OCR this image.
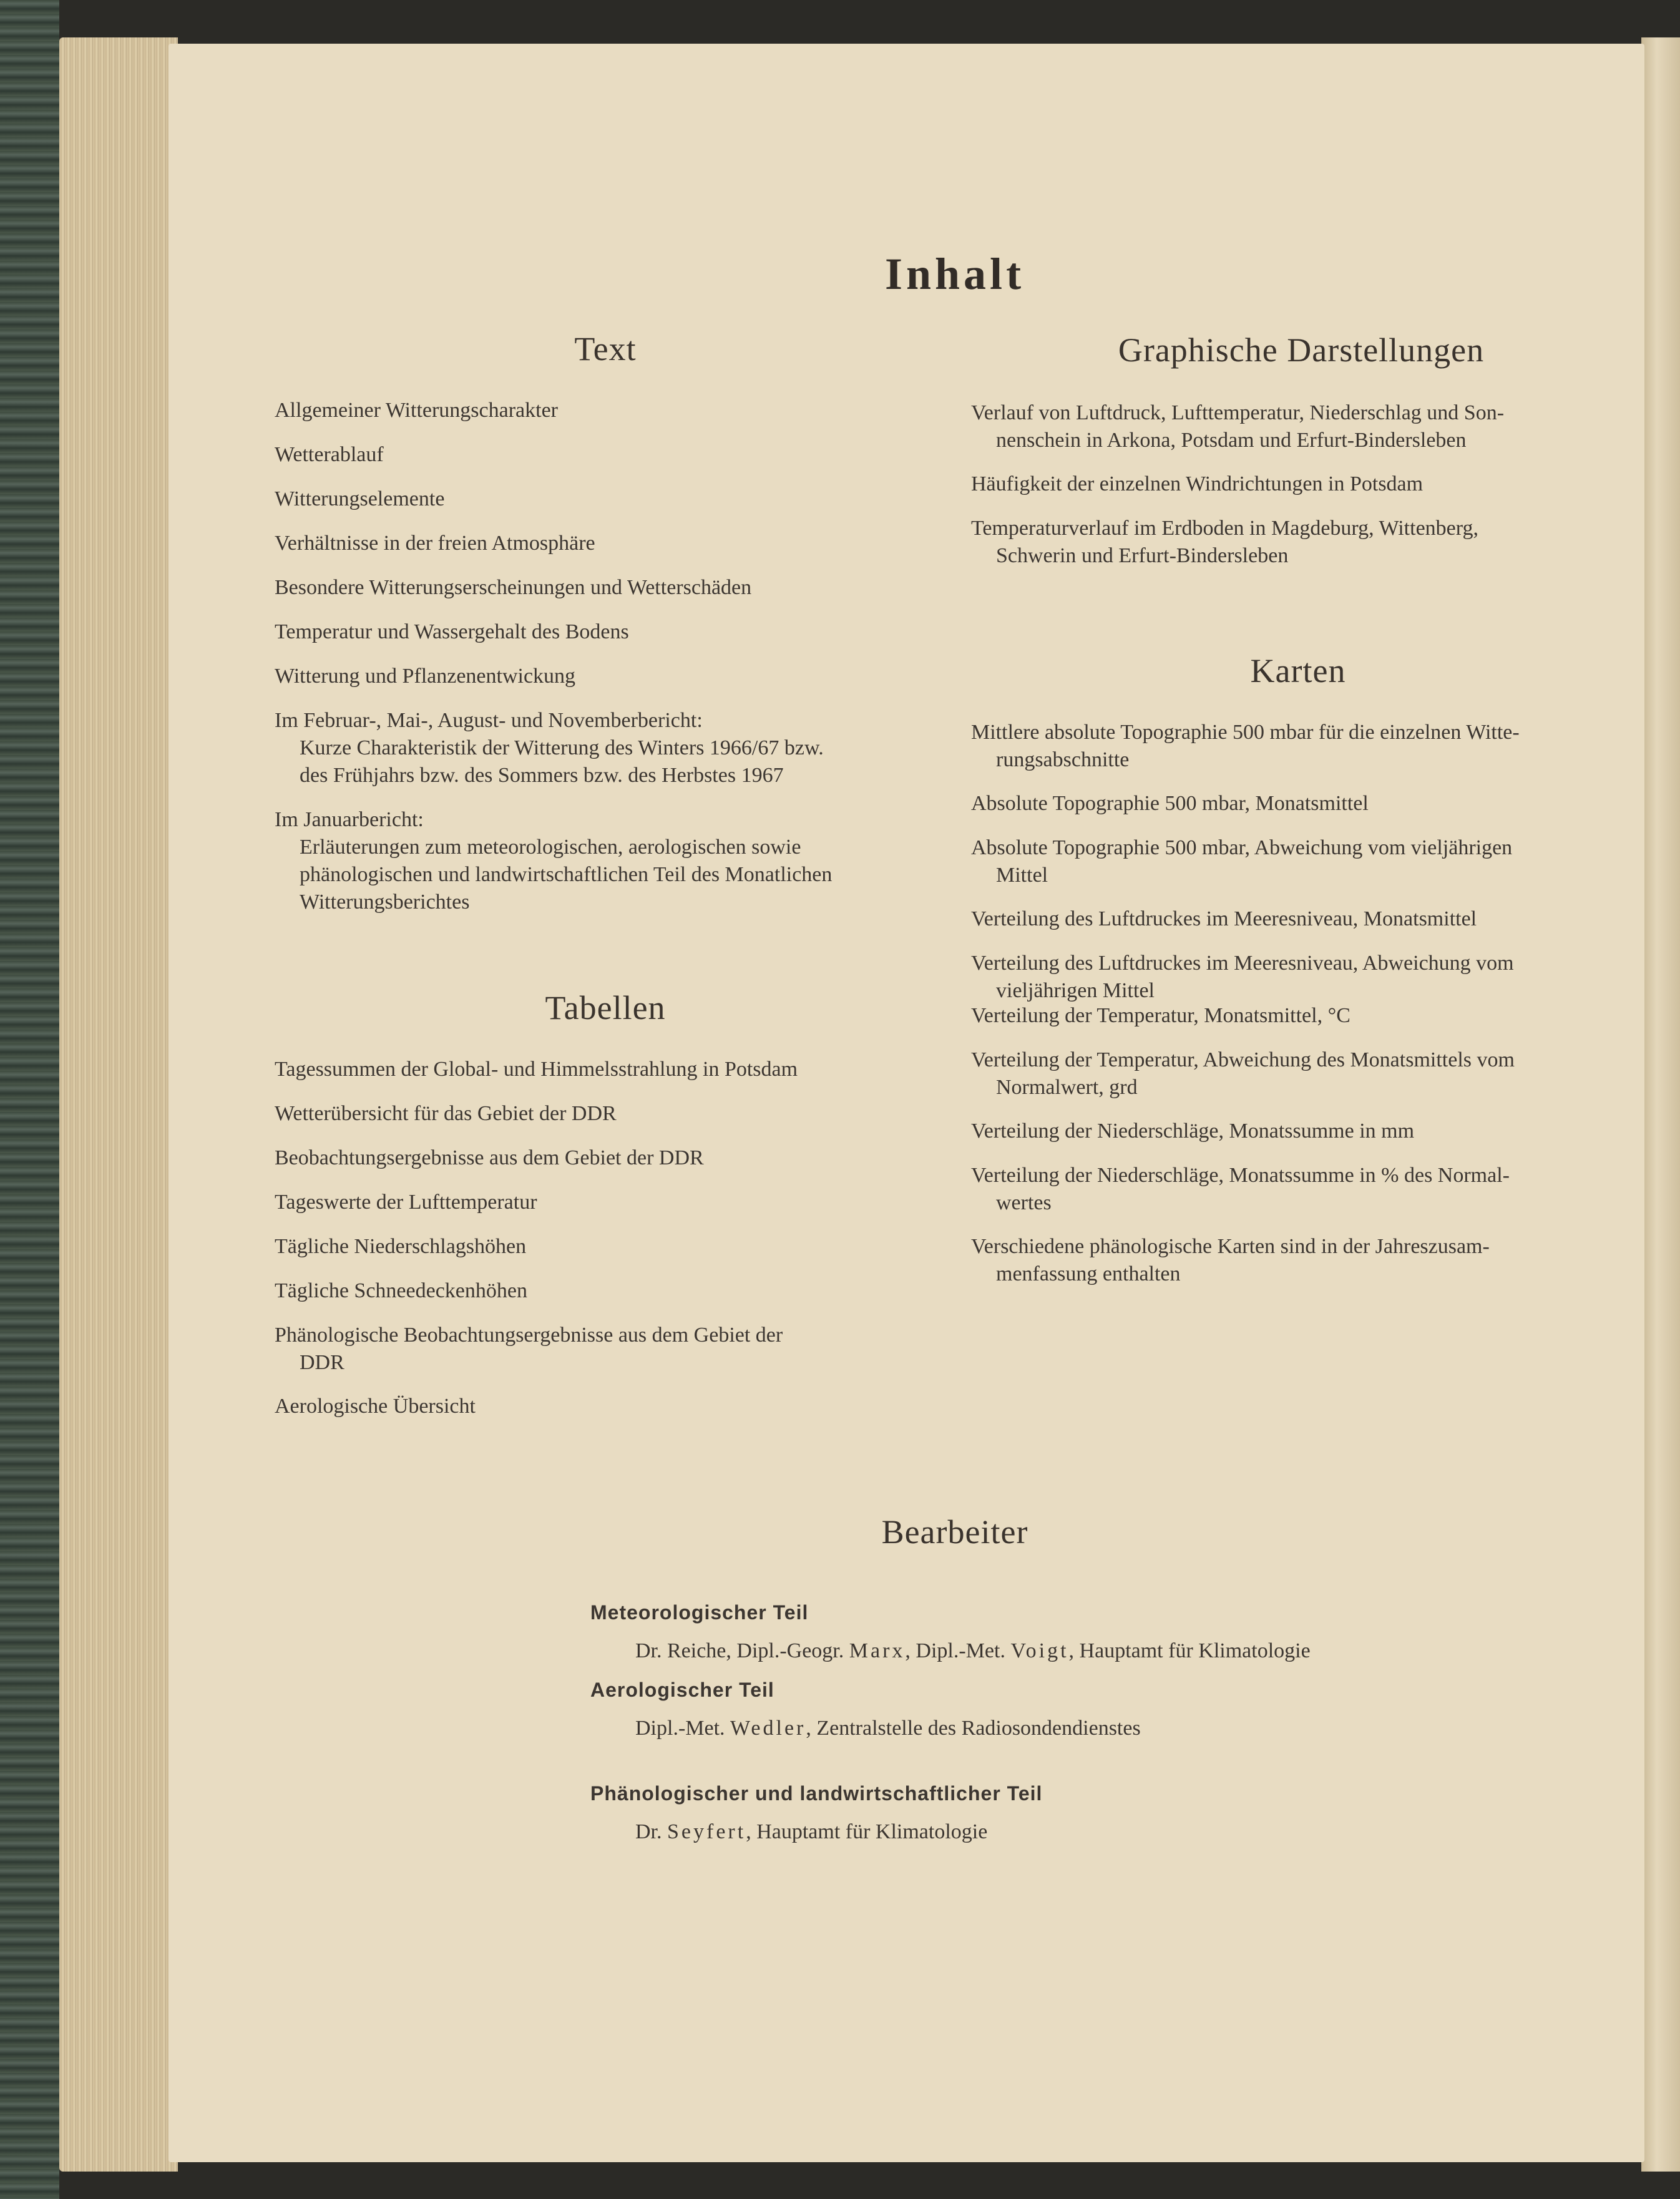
Inhalt
Text
Allgemeiner Witterungscharakter
Wetterablauf
Witterungselemente
Verhältnisse in der freien Atmosphäre
Besondere Witterungserscheinungen und Wetterschäden
Temperatur und Wassergehalt des Bodens
Witterung und Pflanzenentwickung
Im Februar-, Mai-, August- und Novemberbericht:
Kurze Charakteristik der Witterung des Winters 1966/67 bzw.
des Frühjahrs bzw. des Sommers bzw. des Herbstes 1967
Im Januarbericht:
Erläuterungen zum meteorologischen, aerologischen sowie
phänologischen und landwirtschaftlichen Teil des Monatlichen
Witterungsberichtes
Tabellen
Tagessummen der Global- und Himmelsstrahlung in Potsdam
Wetterübersicht für das Gebiet der DDR
Beobachtungsergebnisse aus dem Gebiet der DDR
Tageswerte der Lufttemperatur
Tägliche Niederschlagshöhen
Tägliche Schneedeckenhöhen
Phänologische Beobachtungsergebnisse aus dem Gebiet der
DDR
Aerologische Übersicht
Graphische Darstellungen
Verlauf von Luftdruck, Lufttemperatur, Niederschlag und Son-
nenschein in Arkona, Potsdam und Erfurt-Bindersleben
Häufigkeit der einzelnen Windrichtungen in Potsdam
Temperaturverlauf im Erdboden in Magdeburg, Wittenberg,
Schwerin und Erfurt-Bindersleben
Karten
Mittlere absolute Topographie 500 mbar für die einzelnen Witte-
rungsabschnitte
Absolute Topographie 500 mbar, Monatsmittel
Absolute Topographie 500 mbar, Abweichung vom vieljährigen
Mittel
Verteilung des Luftdruckes im Meeresniveau, Monatsmittel
Verteilung des Luftdruckes im Meeresniveau, Abweichung vom
vieljährigen Mittel
Verteilung der Temperatur, Monatsmittel, °C
Verteilung der Temperatur, Abweichung des Monatsmittels vom
Normalwert, grd
Verteilung der Niederschläge, Monatssumme in mm
Verteilung der Niederschläge, Monatssumme in % des Normal-
wertes
Verschiedene phänologische Karten sind in der Jahreszusam-
menfassung enthalten
Bearbeiter
Meteorologischer Teil
Dr. Reiche, Dipl.-Geogr. Marx, Dipl.-Met. Voigt, Hauptamt für Klimatologie
Aerologischer Teil
Dipl.-Met. Wedler, Zentralstelle des Radiosondendienstes
Phänologischer und landwirtschaftlicher Teil
Dr. Seyfert, Hauptamt für Klimatologie
